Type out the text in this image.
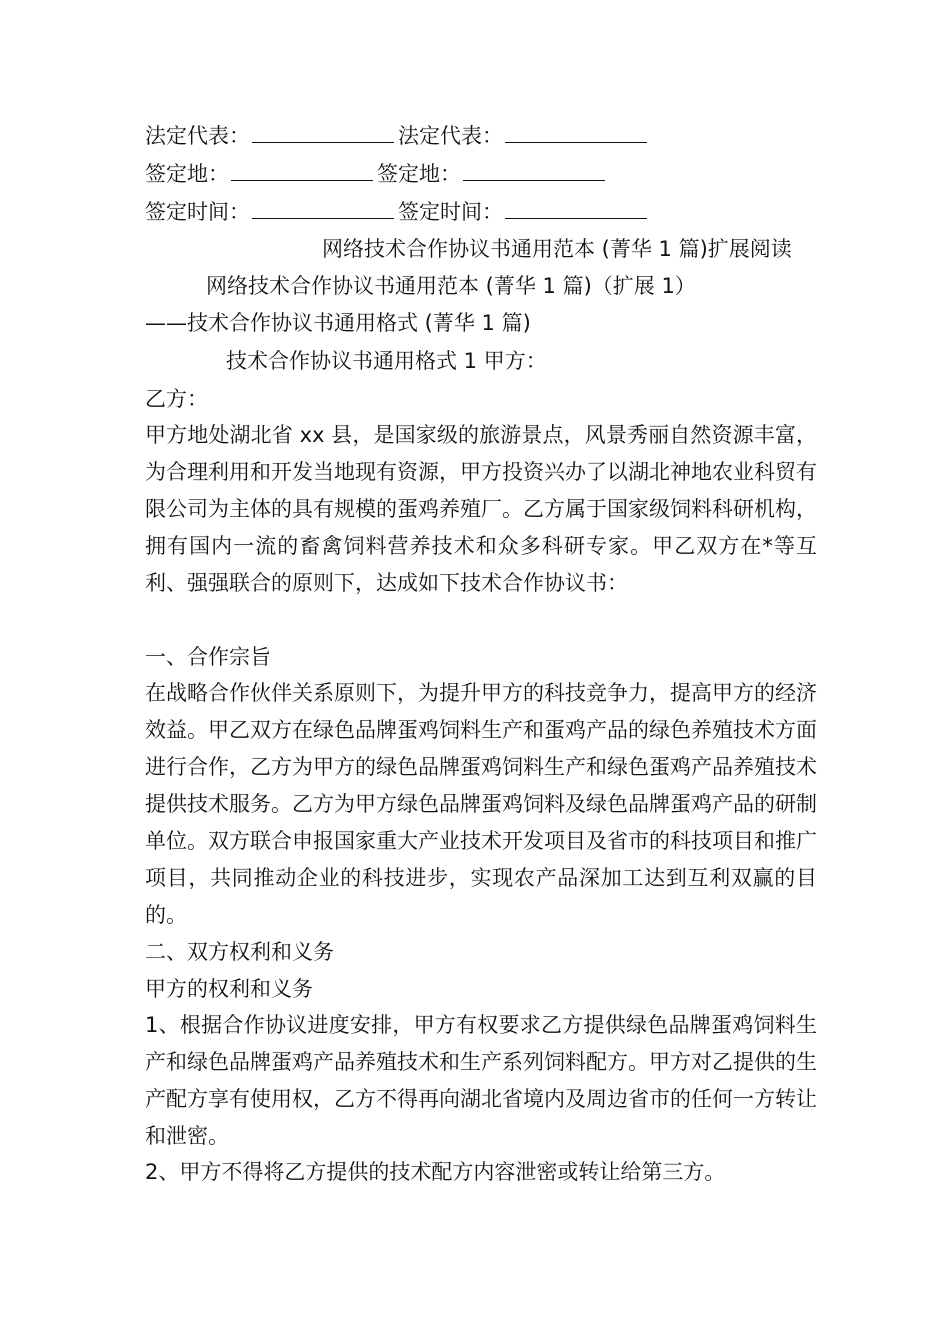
法定代表：	法定代表：
签定地：	签定地：
签定时间：	签定时间：
网络技术合作协议书通用范本 (菁华 1 篇)扩展阅读
网络技术合作协议书通用范本 (菁华 1 篇)（扩展 1）
——技术合作协议书通用格式 (菁华 1 篇)
技术合作协议书通用格式 1 甲方：
乙方：
甲方地处湖北省 xx 县，是国家级的旅游景点，风景秀丽自然资源丰富，为合理利用和开发当地现有资源，甲方投资兴办了以湖北神地农业科贸有限公司为主体的具有规模的蛋鸡养殖厂。乙方属于国家级饲料科研机构，拥有国内一流的畜禽饲料营养技术和众多科研专家。甲乙双方在*等互利、强强联合的原则下，达成如下技术合作协议书：
一、合作宗旨
在战略合作伙伴关系原则下，为提升甲方的科技竞争力，提高甲方的经济效益。甲乙双方在绿色品牌蛋鸡饲料生产和蛋鸡产品的绿色养殖技术方面进行合作，乙方为甲方的绿色品牌蛋鸡饲料生产和绿色蛋鸡产品养殖技术提供技术服务。乙方为甲方绿色品牌蛋鸡饲料及绿色品牌蛋鸡产品的研制单位。双方联合申报国家重大产业技术开发项目及省市的科技项目和推广项目，共同推动企业的科技进步，实现农产品深加工达到互利双赢的目的。
二、双方权利和义务
甲方的权利和义务
1、根据合作协议进度安排，甲方有权要求乙方提供绿色品牌蛋鸡饲料生产和绿色品牌蛋鸡产品养殖技术和生产系列饲料配方。甲方对乙提供的生产配方享有使用权，乙方不得再向湖北省境内及周边省市的任何一方转让和泄密。
2、甲方不得将乙方提供的技术配方内容泄密或转让给第三方。
